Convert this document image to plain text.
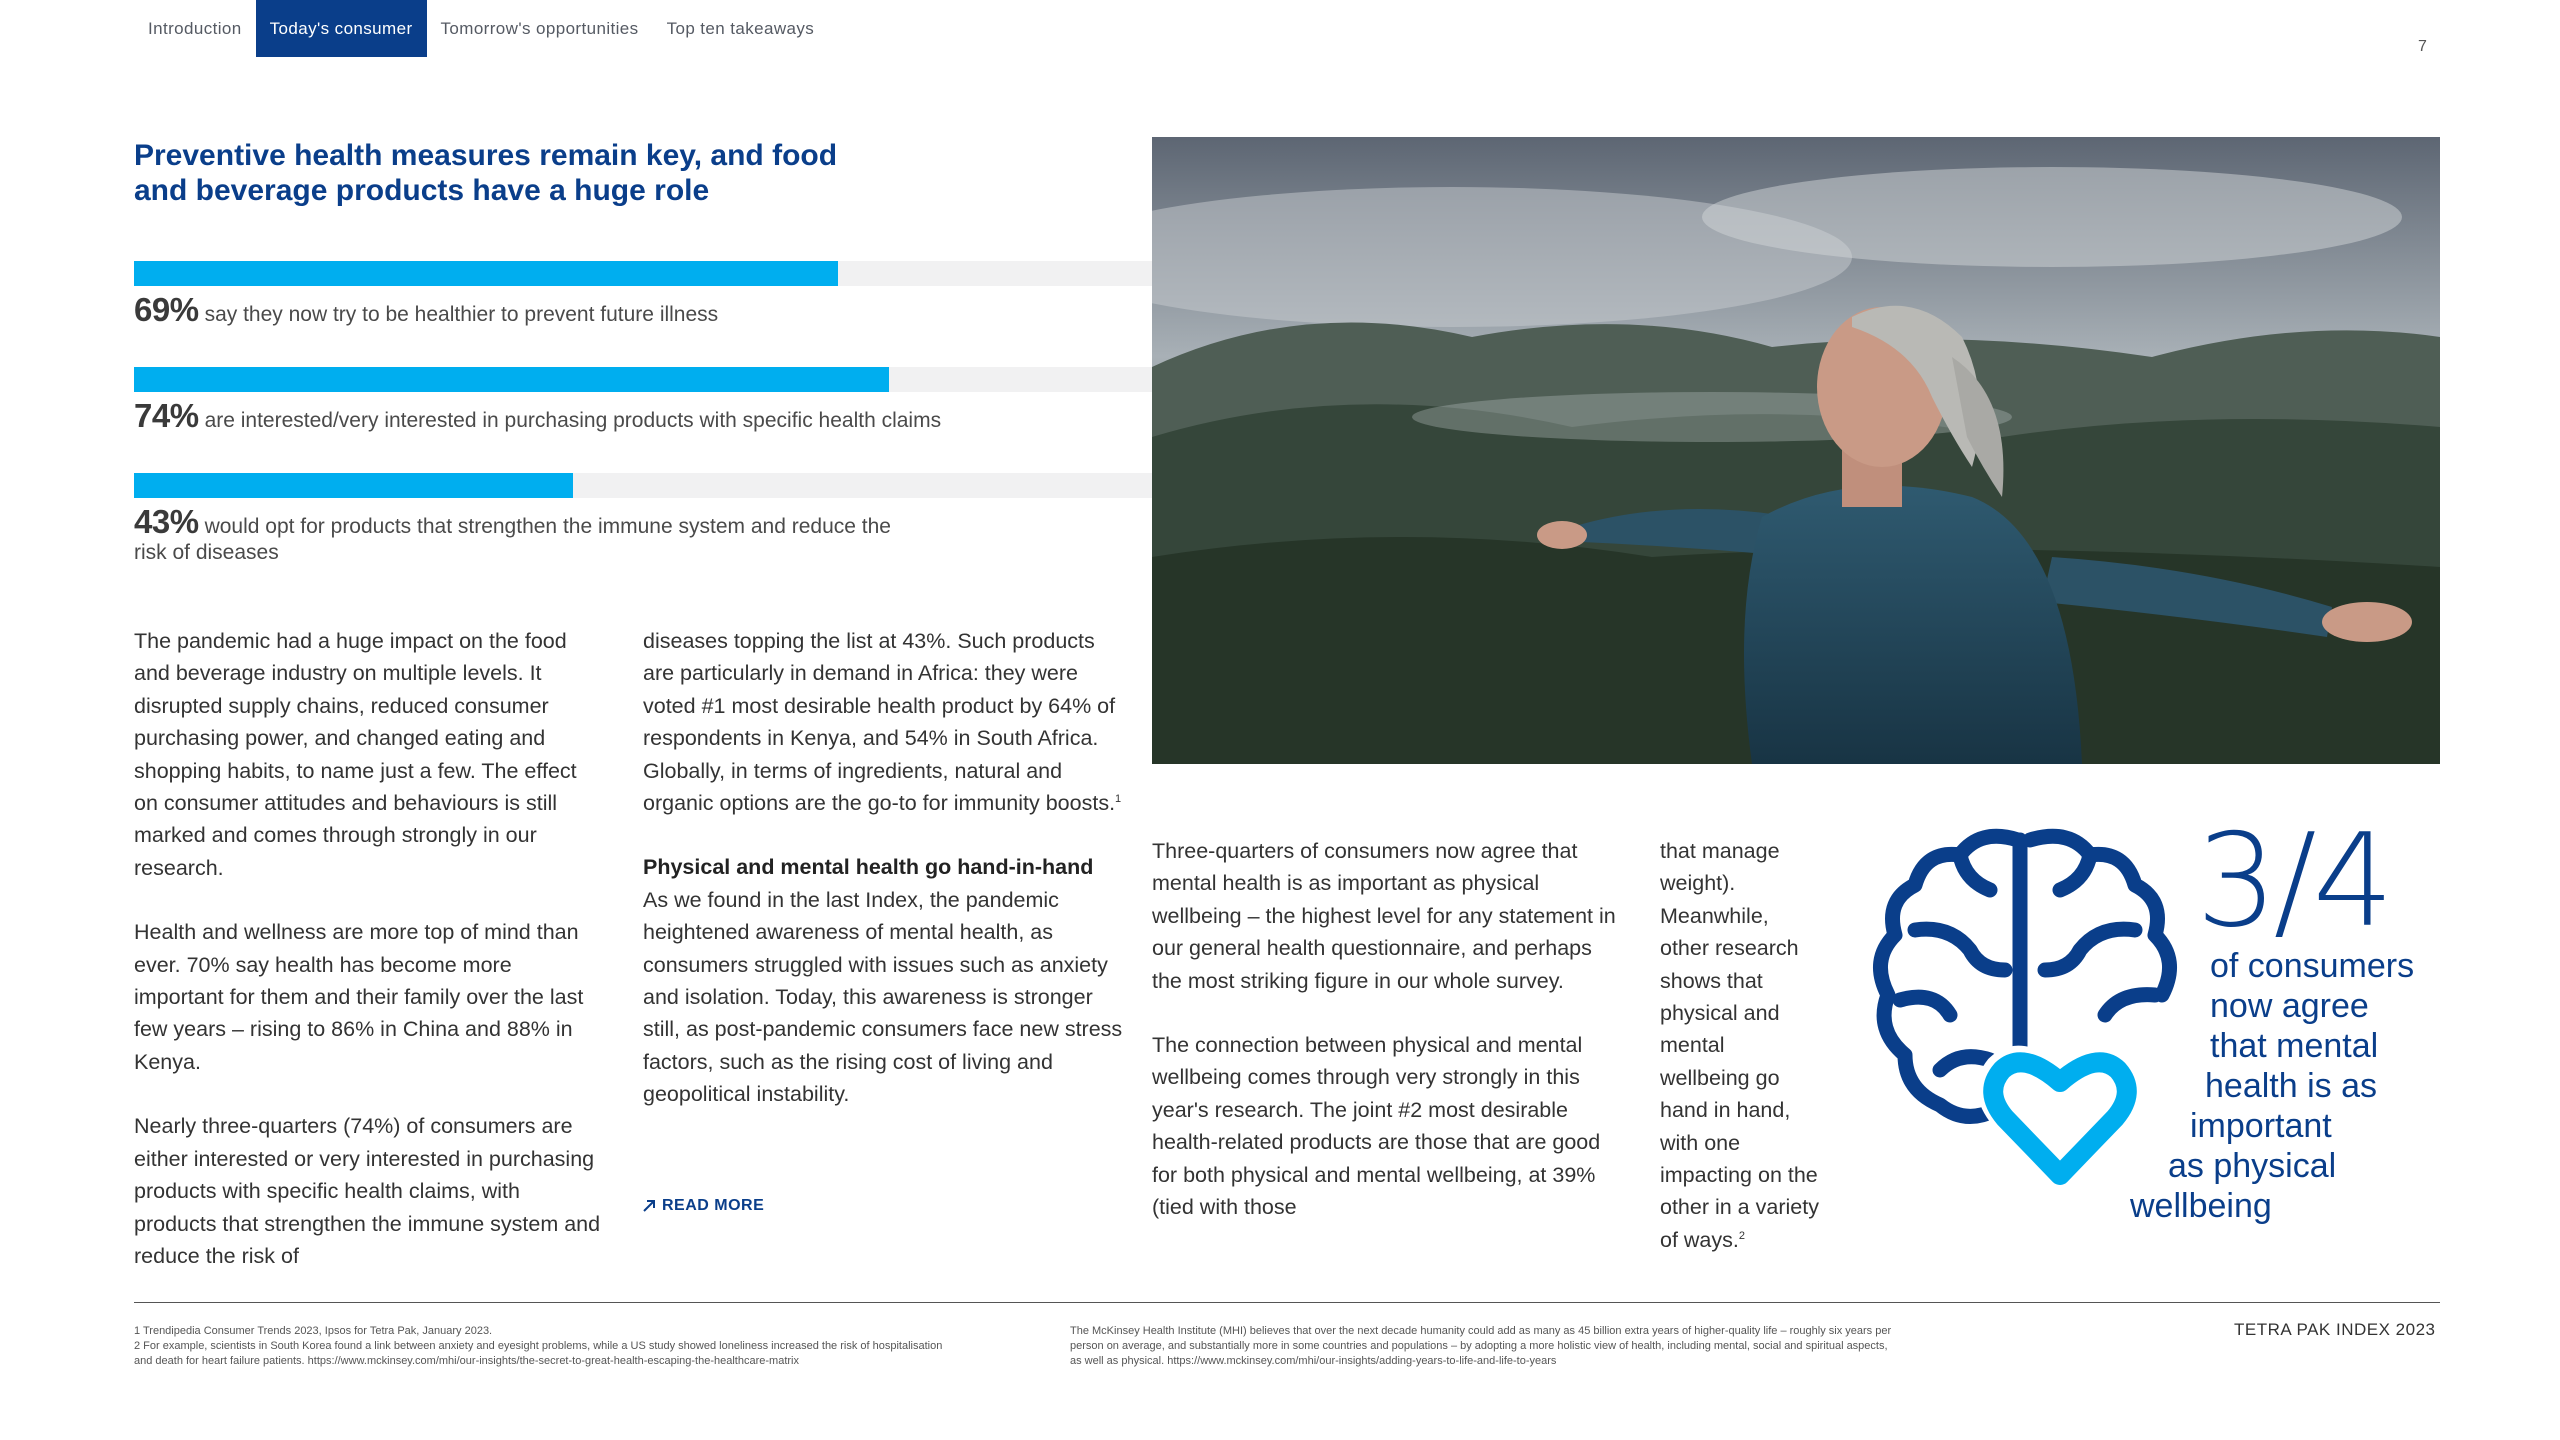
Introduction	Today's consumer	Tomorrow's opportunities	Top ten takeaways
7
Preventive health measures remain key, and food and beverage products have a huge role
69% say they now try to be healthier to prevent future illness
74% are interested/very interested in purchasing products with specific health claims
43% would opt for products that strengthen the immune system and reduce the risk of diseases

The pandemic had a huge impact on the food and beverage industry on multiple levels. It disrupted supply chains, reduced consumer purchasing power, and changed eating and shopping habits, to name just a few. The effect on consumer attitudes and behaviours is still marked and comes through strongly in our research.

Health and wellness are more top of mind than ever. 70% say health has become more important for them and their family over the last few years – rising to 86% in China and 88% in Kenya.

Nearly three-quarters (74%) of consumers are either interested or very interested in purchasing products with specific health claims, with products that strengthen the immune system and reduce the risk of

diseases topping the list at 43%. Such products are particularly in demand in Africa: they were voted #1 most desirable health product by 64% of respondents in Kenya, and 54% in South Africa. Globally, in terms of ingredients, natural and organic options are the go-to for immunity boosts.$^1$

Physical and mental health go hand-in-hand

As we found in the last Index, the pandemic heightened awareness of mental health, as consumers struggled with issues such as anxiety and isolation. Today, this awareness is stronger still, as post-pandemic consumers face new stress factors, such as the rising cost of living and geopolitical instability.

READ MORE

Three-quarters of consumers now agree that mental health is as important as physical wellbeing – the highest level for any statement in our general health questionnaire, and perhaps the most striking figure in our whole survey.

The connection between physical and mental wellbeing comes through very strongly in this year's research. The joint #2 most desirable health-related products are those that are good for both physical and mental wellbeing, at 39% (tied with those

that manage
weight).
Meanwhile,
other research
shows that
physical and
mental
wellbeing go
hand in hand,
with one
impacting on the
other in a variety
of ways.$^2$
3/4
of consumers
now agree
that mental
health is as
important
as physical
wellbeing
1 Trendipedia Consumer Trends 2023, Ipsos for Tetra Pak, January 2023.
2 For example, scientists in South Korea found a link between anxiety and eyesight problems, while a US study showed loneliness increased the risk of hospitalisation
and death for heart failure patients. https://www.mckinsey.com/mhi/our-insights/the-secret-to-great-health-escaping-the-healthcare-matrix
The McKinsey Health Institute (MHI) believes that over the next decade humanity could add as many as 45 billion extra years of higher-quality life – roughly six years per
person on average, and substantially more in some countries and populations – by adopting a more holistic view of health, including mental, social and spiritual aspects,
as well as physical. https://www.mckinsey.com/mhi/our-insights/adding-years-to-life-and-life-to-years
TETRA PAK INDEX 2023
